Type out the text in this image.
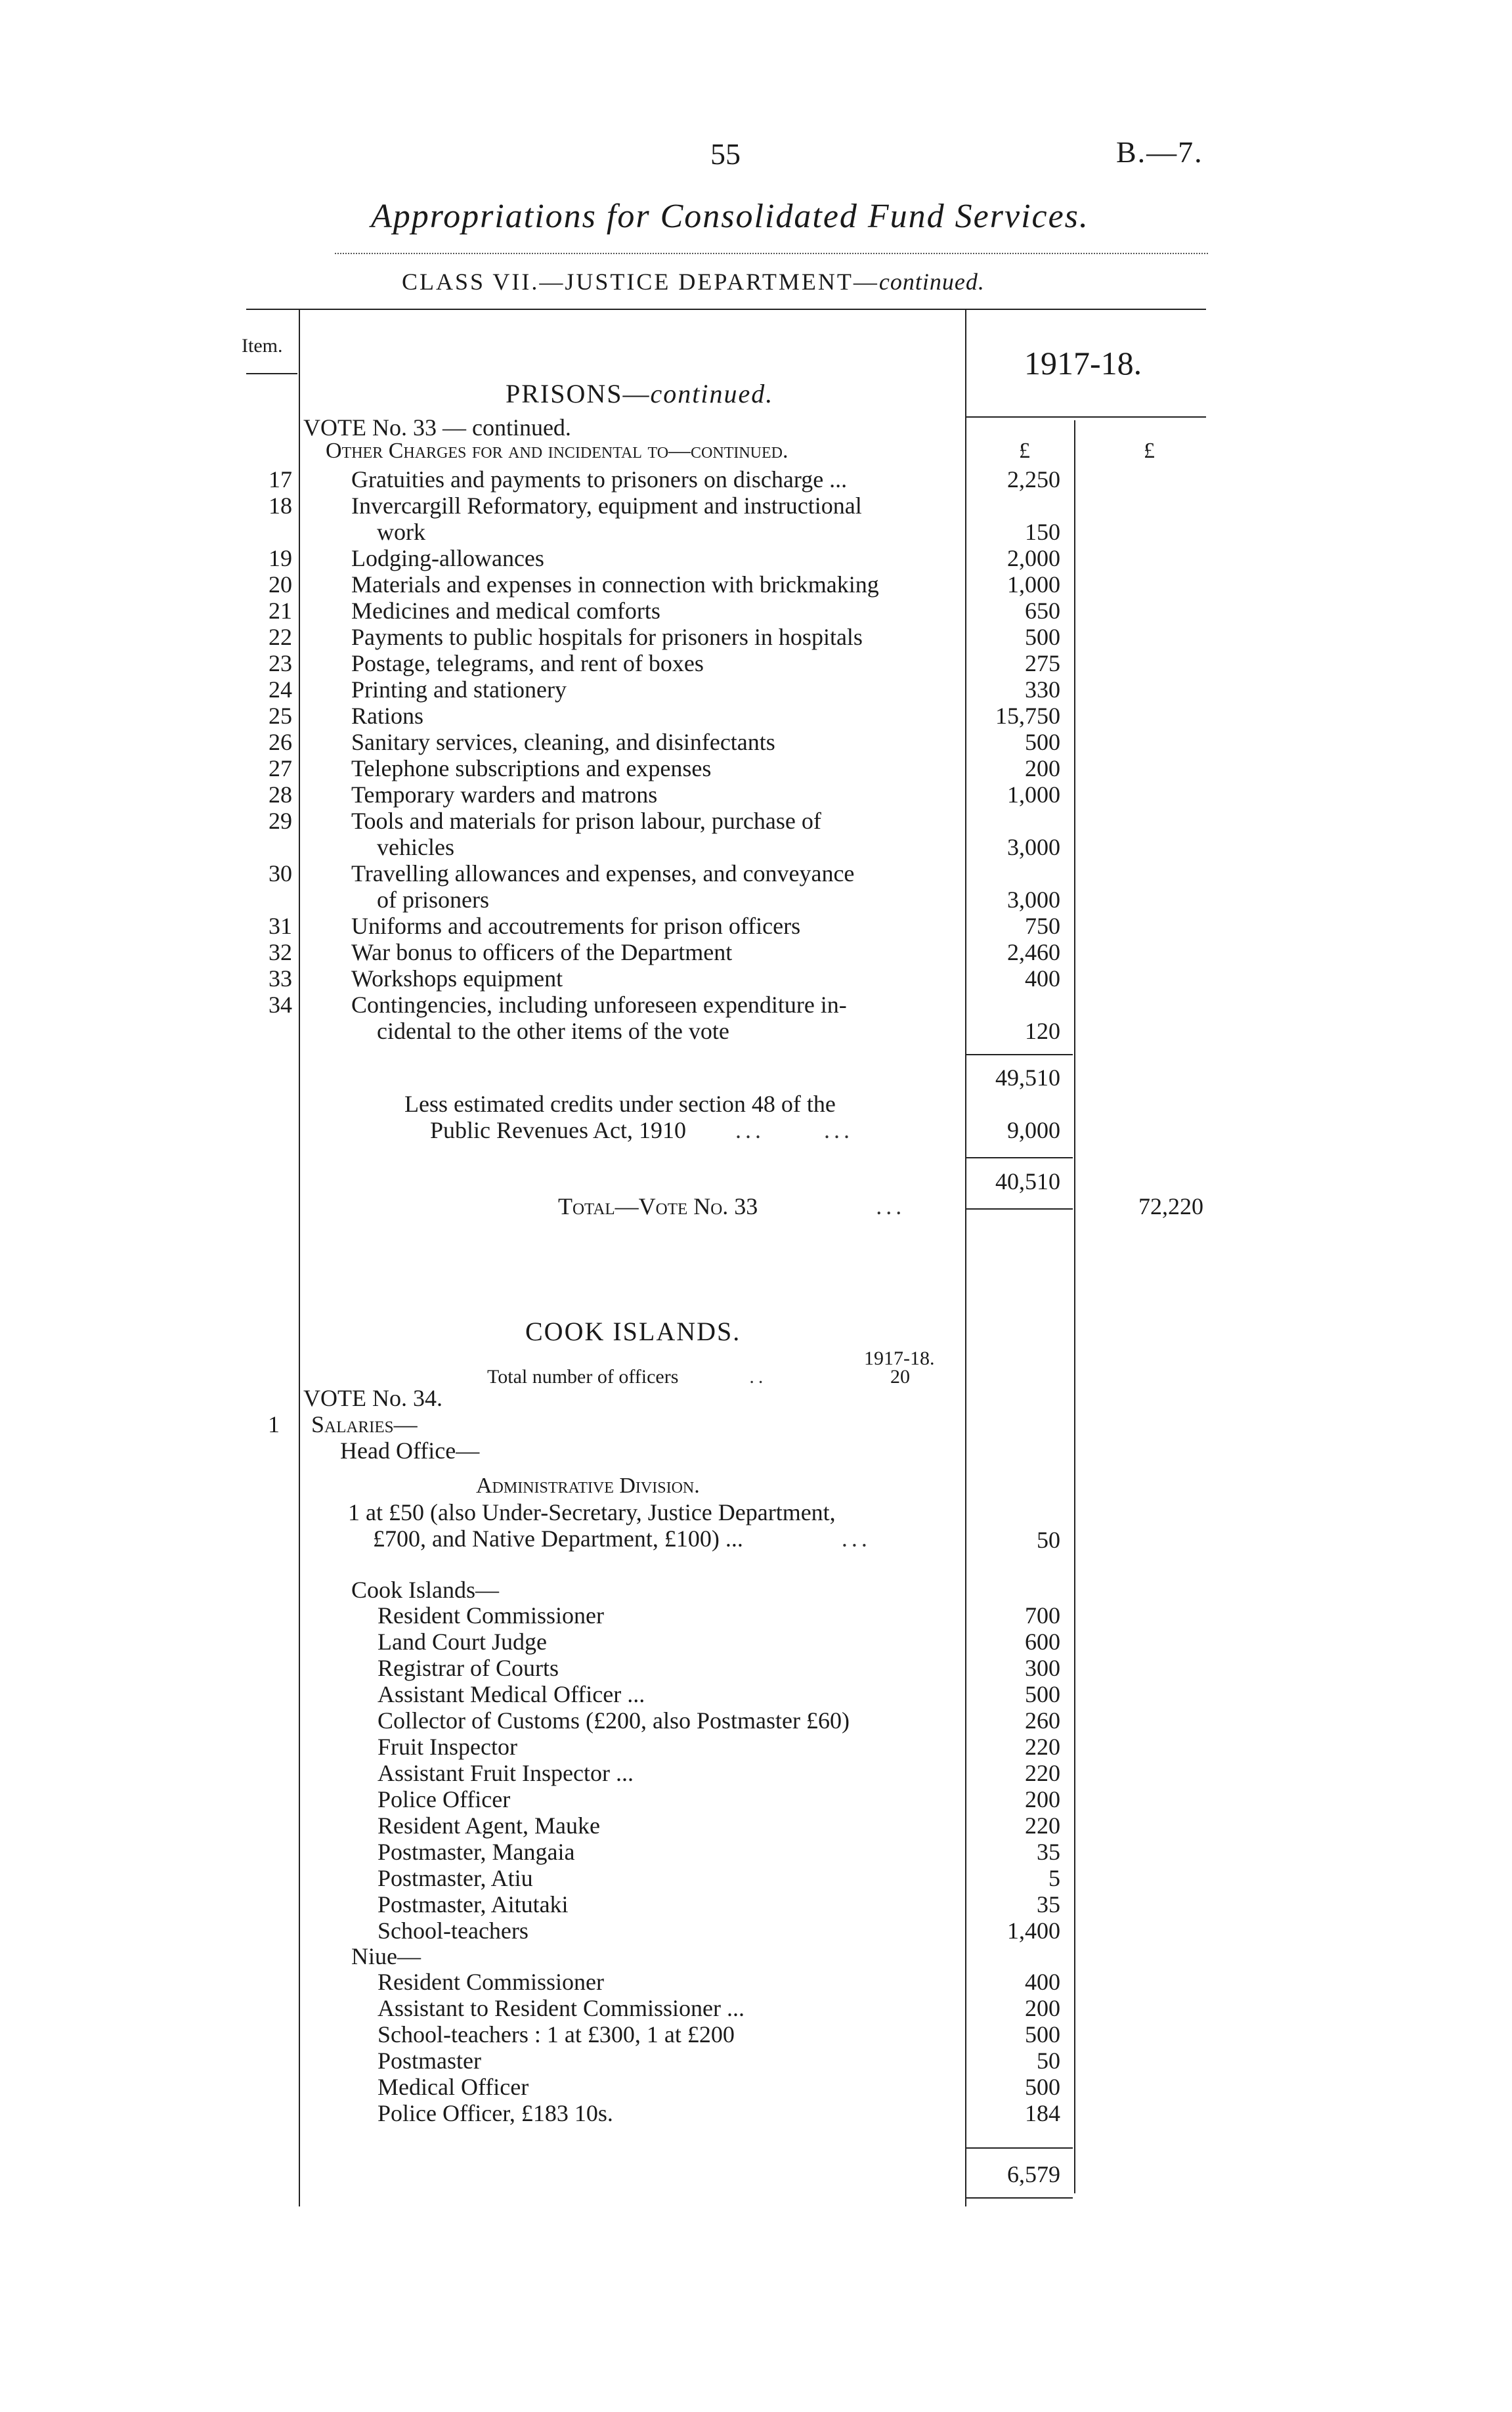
55	B.—7.
Appropriations for Consolidated Fund Services.
CLASS VII.—JUSTICE DEPARTMENT—continued.
Item.	1917-18.
PRISONS—continued.
VOTE No. 33 — continued.
Other Charges for and incidental to—continued.	£	£
17	Gratuities and payments to prisoners on discharge ...	2,250
18	Invercargill Reformatory, equipment and instructional
work	150
19	Lodging-allowances	2,000
20	Materials and expenses in connection with brickmaking	1,000
21	Medicines and medical comforts	650
22	Payments to public hospitals for prisoners in hospitals	500
23	Postage, telegrams, and rent of boxes	275
24	Printing and stationery	330
25	Rations	15,750
26	Sanitary services, cleaning, and disinfectants	500
27	Telephone subscriptions and expenses	200
28	Temporary warders and matrons	1,000
29	Tools and materials for prison labour, purchase of
vehicles	3,000
30	Travelling allowances and expenses, and conveyance
of prisoners	3,000
31	Uniforms and accoutrements for prison officers	750
32	War bonus to officers of the Department	2,460
33	Workshops equipment	400
34	Contingencies, including unforeseen expenditure in-
cidental to the other items of the vote	120
49,510
Less estimated credits under section 48 of the
Public Revenues Act, 1910     ...      ...	9,000
40,510
Total—Vote No. 33            ...	72,220
COOK ISLANDS.
1917-18.
Total number of officers        ..	20
VOTE No. 34.
1 Salaries—
Head Office—
Administrative Division.
1 at £50 (also Under-Secretary, Justice Department,
£700, and Native Department, £100) ...          ...	50
Cook Islands—
Resident Commissioner	700
Land Court Judge	600
Registrar of Courts	300
Assistant Medical Officer ...	500
Collector of Customs (£200, also Postmaster £60)	260
Fruit Inspector	220
Assistant Fruit Inspector ...	220
Police Officer	200
Resident Agent, Mauke	220
Postmaster, Mangaia	35
Postmaster, Atiu	5
Postmaster, Aitutaki	35
School-teachers	1,400
Niue—
Resident Commissioner	400
Assistant to Resident Commissioner ...	200
School-teachers : 1 at £300, 1 at £200	500
Postmaster	50
Medical Officer	500
Police Officer, £183 10s.	184
6,579
